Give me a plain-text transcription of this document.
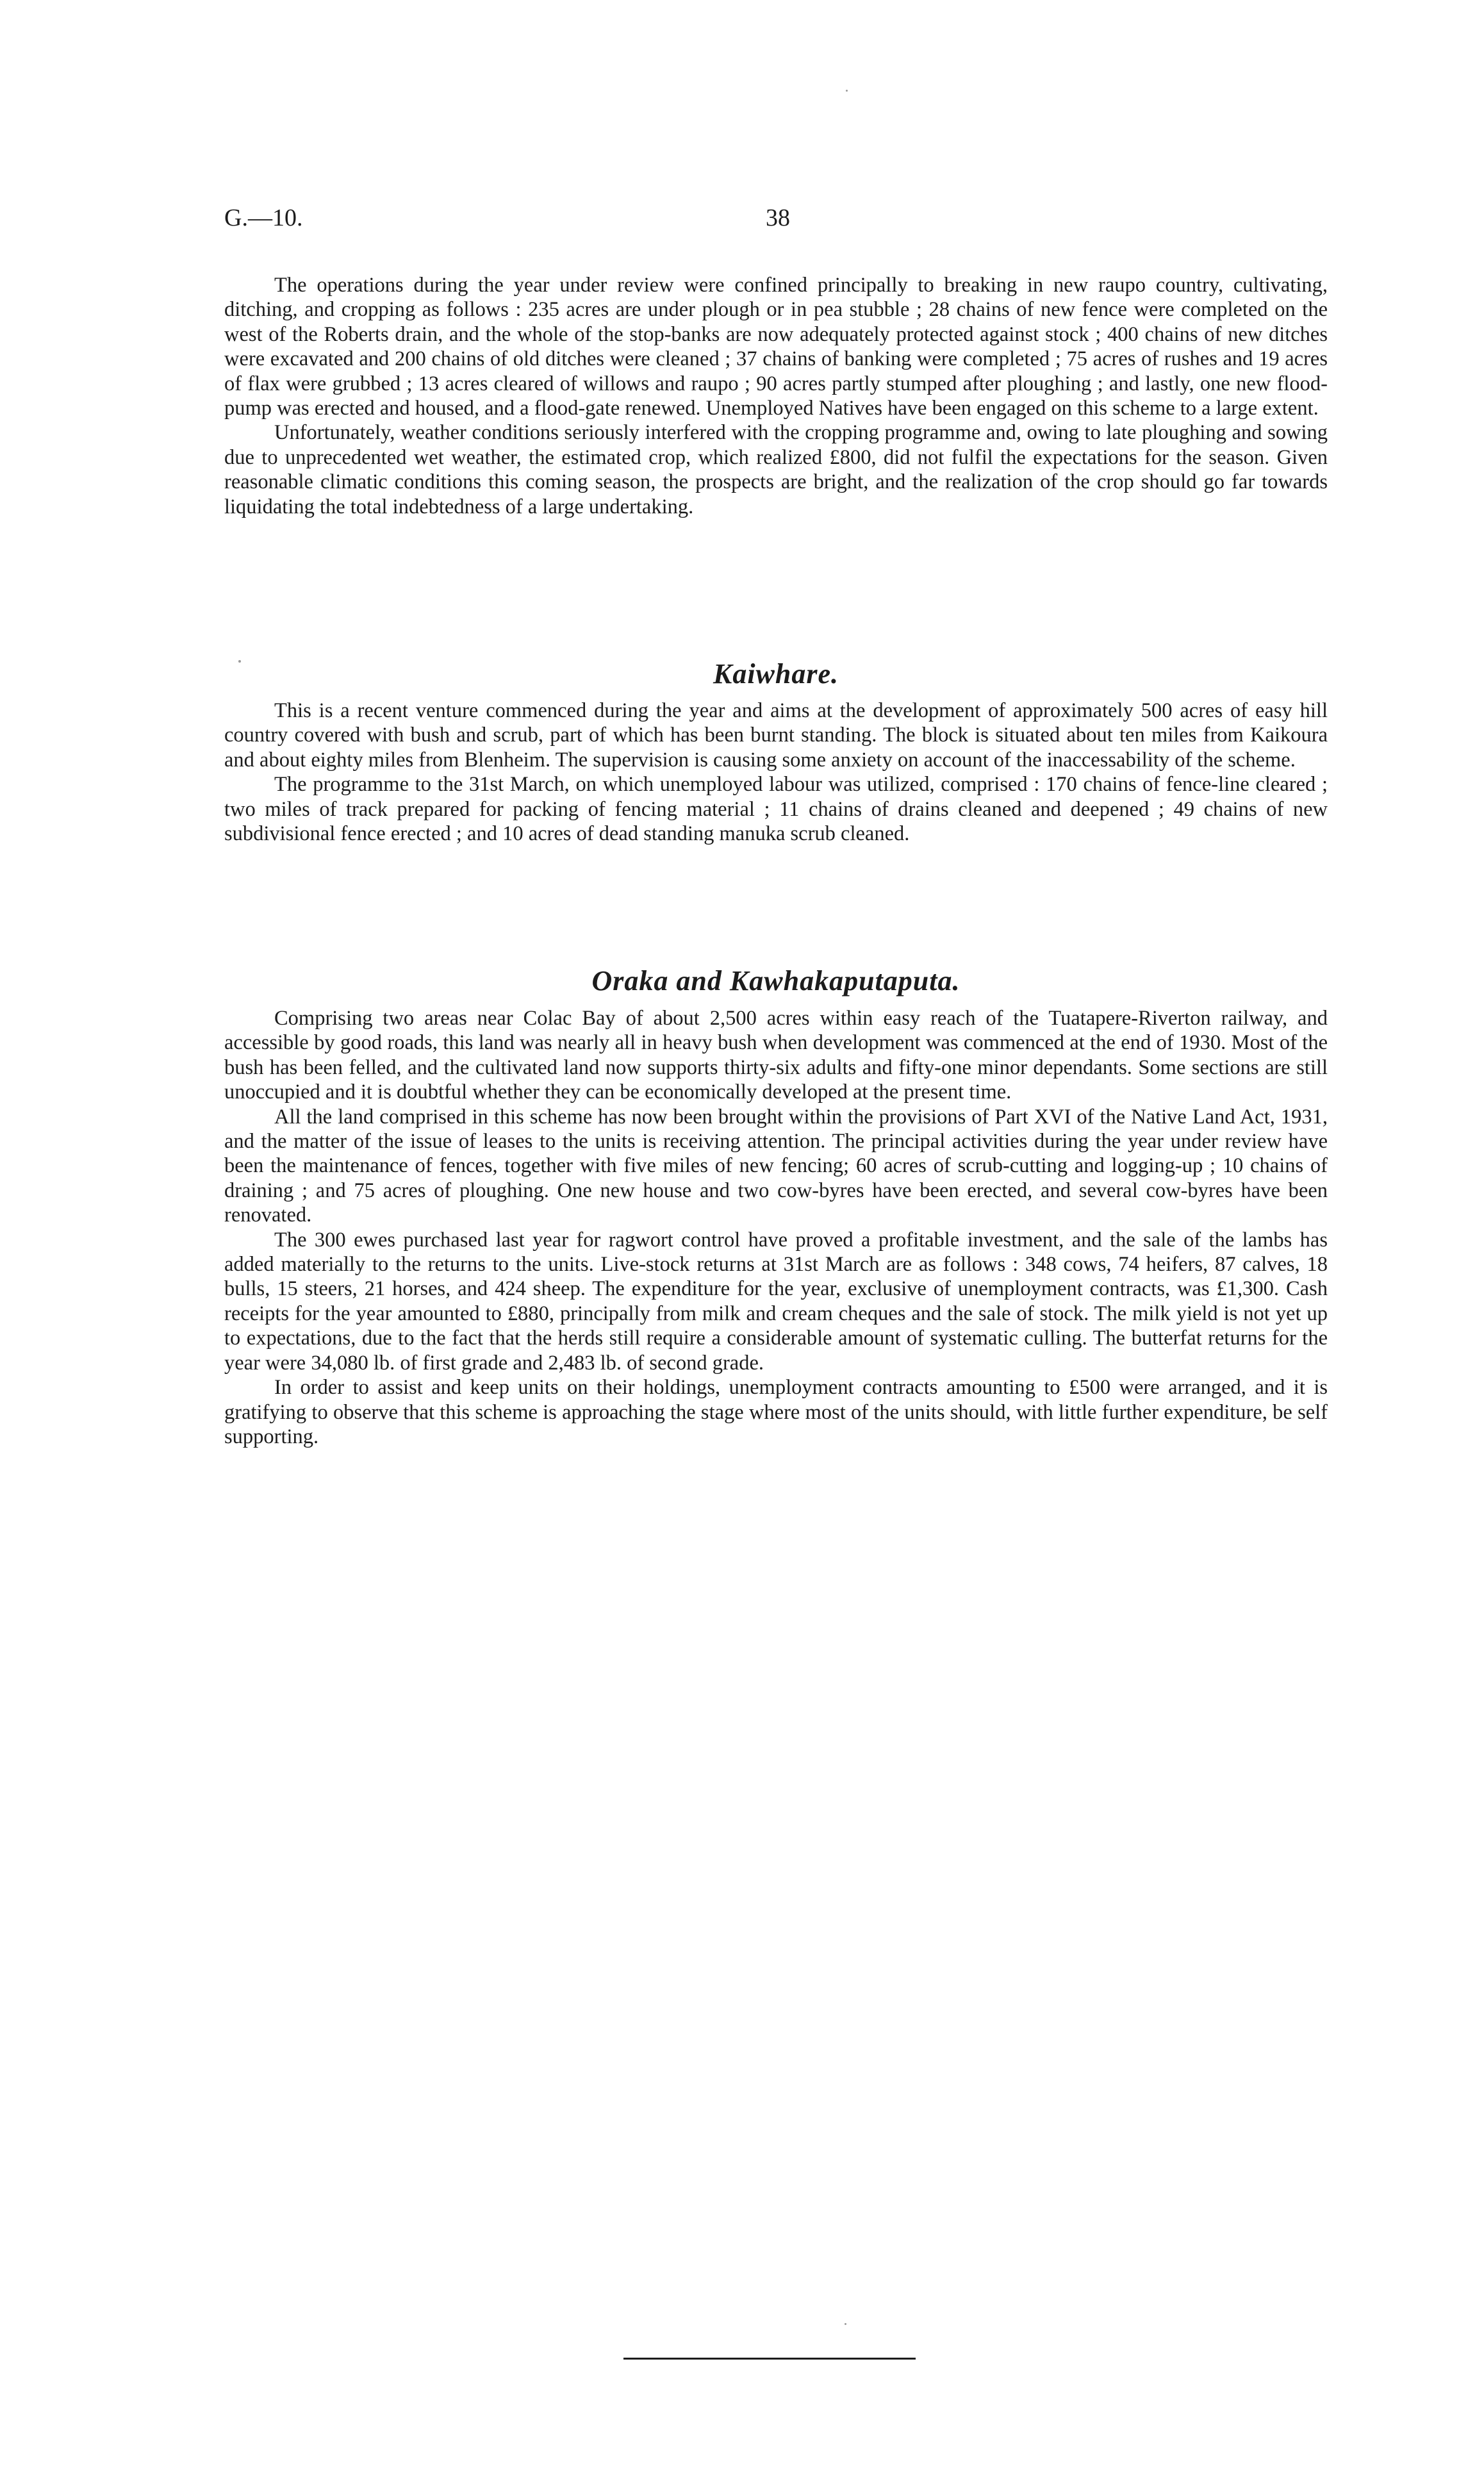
G.—10.	38

The operations during the year under review were confined principally to breaking in new raupo country, cultivating, ditching, and cropping as follows : 235 acres are under plough or in pea stubble ; 28 chains of new fence were completed on the west of the Roberts drain, and the whole of the stop-banks are now adequately protected against stock ; 400 chains of new ditches were excavated and 200 chains of old ditches were cleaned ; 37 chains of banking were completed ; 75 acres of rushes and 19 acres of flax were grubbed ; 13 acres cleared of willows and raupo ; 90 acres partly stumped after ploughing ; and lastly, one new flood-pump was erected and housed, and a flood-gate renewed. Unemployed Natives have been engaged on this scheme to a large extent.

Unfortunately, weather conditions seriously interfered with the cropping programme and, owing to late ploughing and sowing due to unprecedented wet weather, the estimated crop, which realized £800, did not fulfil the expectations for the season. Given reasonable climatic conditions this coming season, the prospects are bright, and the realization of the crop should go far towards liquidating the total indebtedness of a large undertaking.

Kaiwhare.

This is a recent venture commenced during the year and aims at the development of approximately 500 acres of easy hill country covered with bush and scrub, part of which has been burnt standing. The block is situated about ten miles from Kaikoura and about eighty miles from Blenheim. The supervision is causing some anxiety on account of the inaccessability of the scheme.

The programme to the 31st March, on which unemployed labour was utilized, comprised : 170 chains of fence-line cleared ; two miles of track prepared for packing of fencing material ; 11 chains of drains cleaned and deepened ; 49 chains of new subdivisional fence erected ; and 10 acres of dead standing manuka scrub cleaned.

Oraka and Kawhakaputaputa.

Comprising two areas near Colac Bay of about 2,500 acres within easy reach of the Tuatapere-Riverton railway, and accessible by good roads, this land was nearly all in heavy bush when development was commenced at the end of 1930. Most of the bush has been felled, and the cultivated land now supports thirty-six adults and fifty-one minor dependants. Some sections are still unoccupied and it is doubtful whether they can be economically developed at the present time.

All the land comprised in this scheme has now been brought within the provisions of Part XVI of the Native Land Act, 1931, and the matter of the issue of leases to the units is receiving attention. The principal activities during the year under review have been the maintenance of fences, together with five miles of new fencing; 60 acres of scrub-cutting and logging-up ; 10 chains of draining ; and 75 acres of ploughing. One new house and two cow-byres have been erected, and several cow-byres have been renovated.

The 300 ewes purchased last year for ragwort control have proved a profitable investment, and the sale of the lambs has added materially to the returns to the units. Live-stock returns at 31st March are as follows : 348 cows, 74 heifers, 87 calves, 18 bulls, 15 steers, 21 horses, and 424 sheep. The expenditure for the year, exclusive of unemployment contracts, was £1,300. Cash receipts for the year amounted to £880, principally from milk and cream cheques and the sale of stock. The milk yield is not yet up to expectations, due to the fact that the herds still require a considerable amount of systematic culling. The butterfat returns for the year were 34,080 lb. of first grade and 2,483 lb. of second grade.

In order to assist and keep units on their holdings, unemployment contracts amounting to £500 were arranged, and it is gratifying to observe that this scheme is approaching the stage where most of the units should, with little further expenditure, be self supporting.
